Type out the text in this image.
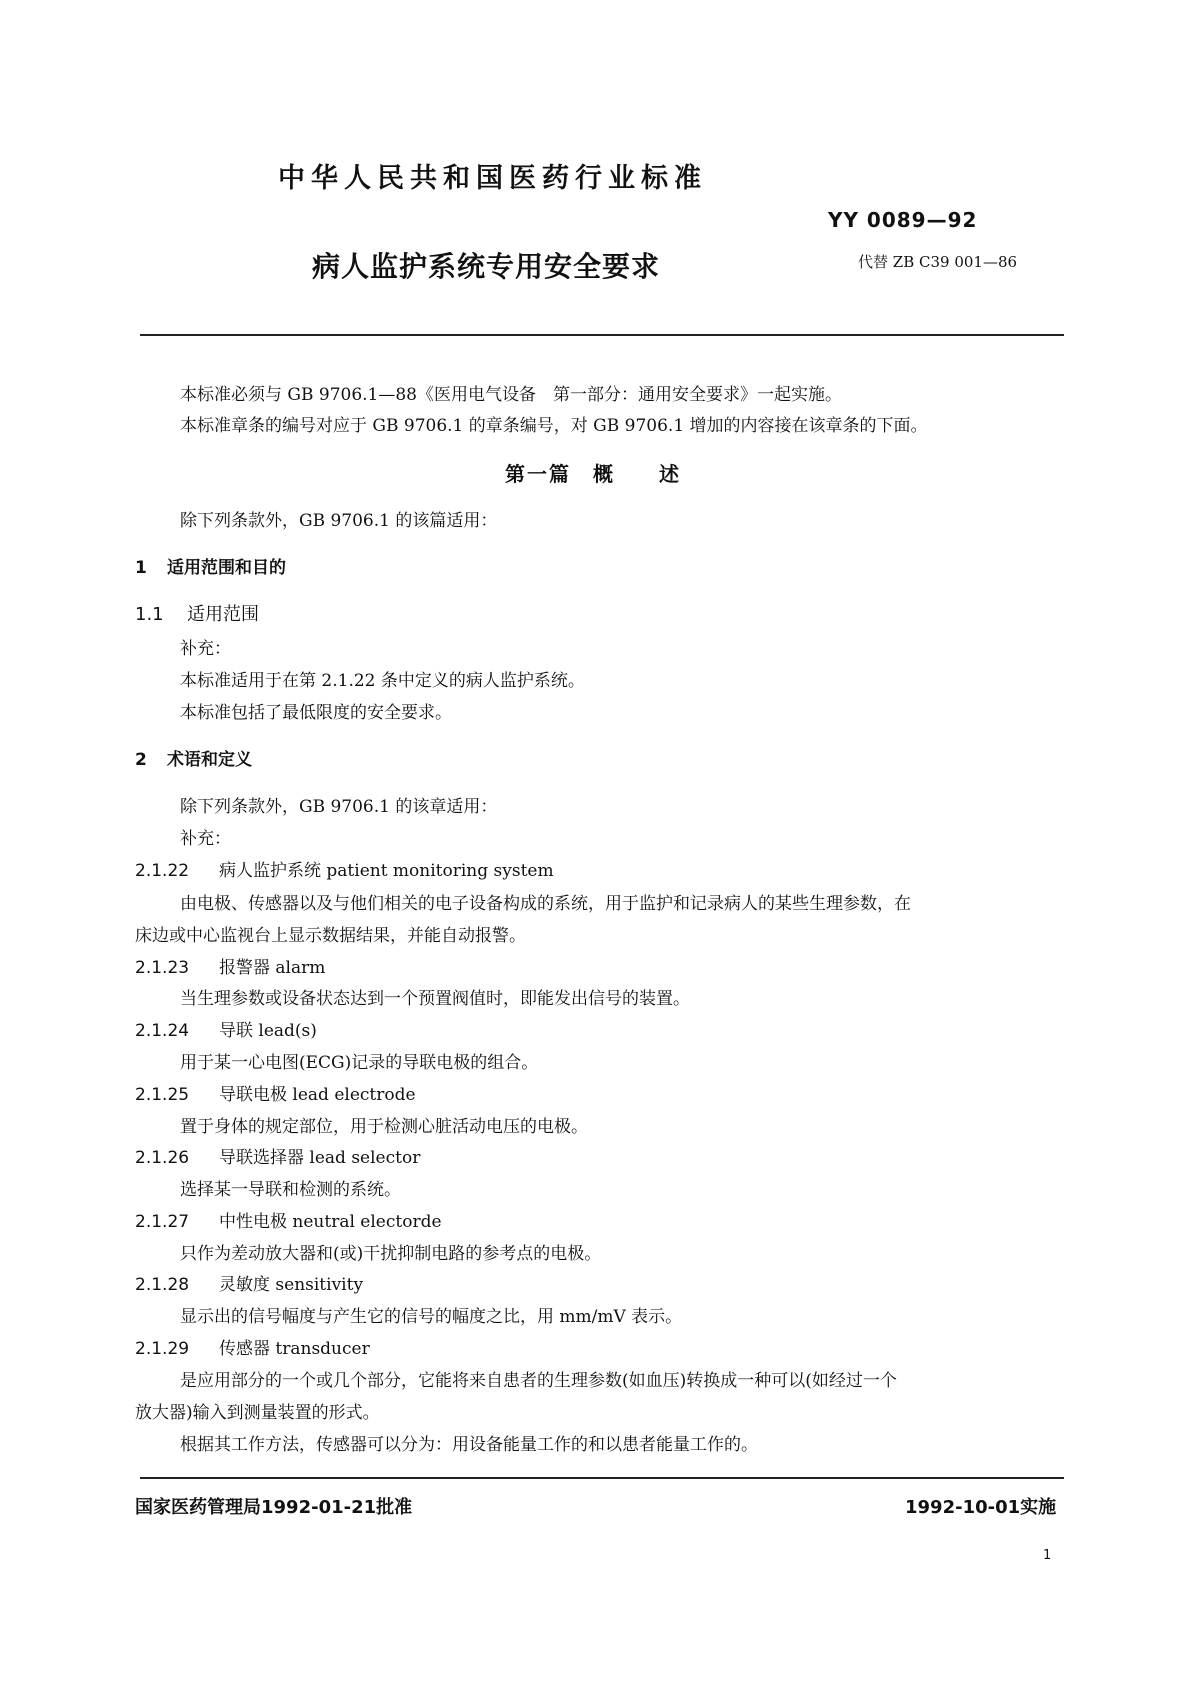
中华人民共和国医药行业标准
YY 0089—92
病人监护系统专用安全要求	代替 ZB C39 001—86
本标准必须与 GB 9706.1—88《医用电气设备　第一部分：通用安全要求》一起实施。
本标准章条的编号对应于 GB 9706.1 的章条编号，对 GB 9706.1 增加的内容接在该章条的下面。
第一篇　概　　述
除下列条款外，GB 9706.1 的该篇适用：
1 适用范围和目的
1.1 适用范围
补充：
本标准适用于在第 2.1.22 条中定义的病人监护系统。
本标准包括了最低限度的安全要求。
2 术语和定义
除下列条款外，GB 9706.1 的该章适用：
补充：
2.1.22 病人监护系统 patient monitoring system
由电极、传感器以及与他们相关的电子设备构成的系统，用于监护和记录病人的某些生理参数，在
床边或中心监视台上显示数据结果，并能自动报警。
2.1.23 报警器 alarm
当生理参数或设备状态达到一个预置阀值时，即能发出信号的装置。
2.1.24 导联 lead(s)
用于某一心电图(ECG)记录的导联电极的组合。
2.1.25 导联电极 lead electrode
置于身体的规定部位，用于检测心脏活动电压的电极。
2.1.26 导联选择器 lead selector
选择某一导联和检测的系统。
2.1.27 中性电极 neutral electorde
只作为差动放大器和(或)干扰抑制电路的参考点的电极。
2.1.28 灵敏度 sensitivity
显示出的信号幅度与产生它的信号的幅度之比，用 mm/mV 表示。
2.1.29 传感器 transducer
是应用部分的一个或几个部分，它能将来自患者的生理参数(如血压)转换成一种可以(如经过一个
放大器)输入到测量装置的形式。
根据其工作方法，传感器可以分为：用设备能量工作的和以患者能量工作的。
国家医药管理局1992-01-21批准	1992-10-01实施
1
